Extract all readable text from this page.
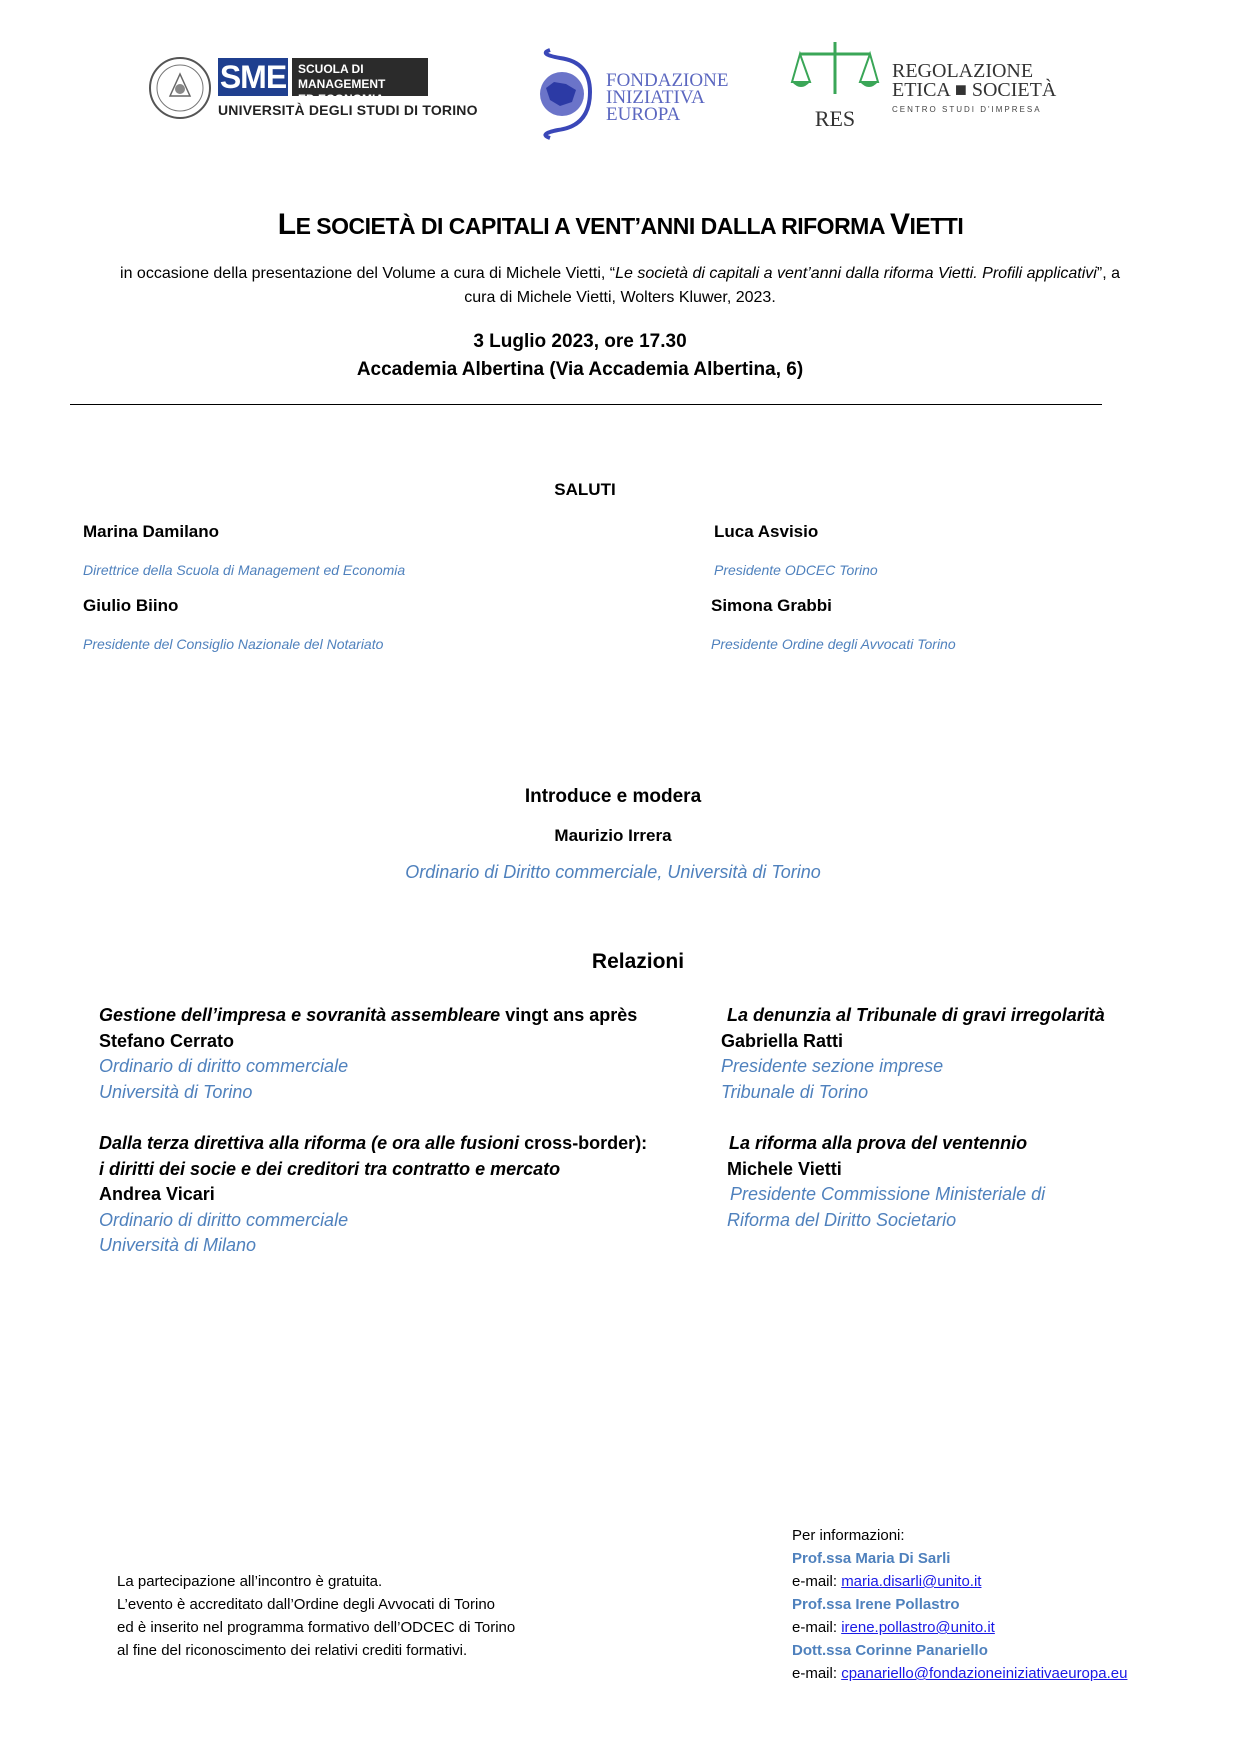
SME SCUOLA DI MANAGEMENT
ED ECONOMIA
UNIVERSITÀ DEGLI STUDI DI TORINO
FONDAZIONE
INIZIATIVA
EUROPA	RES
REGOLAZIONE
ETICA ■ SOCIETÀ
CENTRO STUDI D'IMPRESA
LE SOCIETÀ DI CAPITALI A VENT’ANNI DALLA RIFORMA VIETTI
in occasione della presentazione del Volume a cura di Michele Vietti, “Le società di capitali a vent’anni dalla riforma Vietti. Profili applicativi”, a cura di Michele Vietti, Wolters Kluwer, 2023.
3 Luglio 2023, ore 17.30
Accademia Albertina (Via Accademia Albertina, 6)
SALUTI
Marina Damilano
Direttrice della Scuola di Management ed Economia
Luca Asvisio
Presidente ODCEC Torino
Giulio Biino
Presidente del Consiglio Nazionale del Notariato
Simona Grabbi
Presidente Ordine degli Avvocati Torino
Introduce e modera
Maurizio Irrera
Ordinario di Diritto commerciale, Università di Torino
Relazioni
Gestione dell’impresa e sovranità assembleare vingt ans après
Stefano Cerrato
Ordinario di diritto commerciale
Università di Torino
La denunzia al Tribunale di gravi irregolarità
Gabriella Ratti
Presidente sezione imprese
Tribunale di Torino
Dalla terza direttiva alla riforma (e ora alle fusioni cross-border):
i diritti dei socie e dei creditori tra contratto e mercato
Andrea Vicari
Ordinario di diritto commerciale
Università di Milano
La riforma alla prova del ventennio
Michele Vietti
Presidente Commissione Ministeriale di
Riforma del Diritto Societario
La partecipazione all’incontro è gratuita.
L’evento è accreditato dall’Ordine degli Avvocati di Torino
ed è inserito nel programma formativo dell’ODCEC di Torino
al fine del riconoscimento dei relativi crediti formativi.
Per informazioni:
Prof.ssa Maria Di Sarli
e-mail: maria.disarli@unito.it
Prof.ssa Irene Pollastro
e-mail: irene.pollastro@unito.it
Dott.ssa Corinne Panariello
e-mail: cpanariello@fondazioneiniziativaeuropa.eu
